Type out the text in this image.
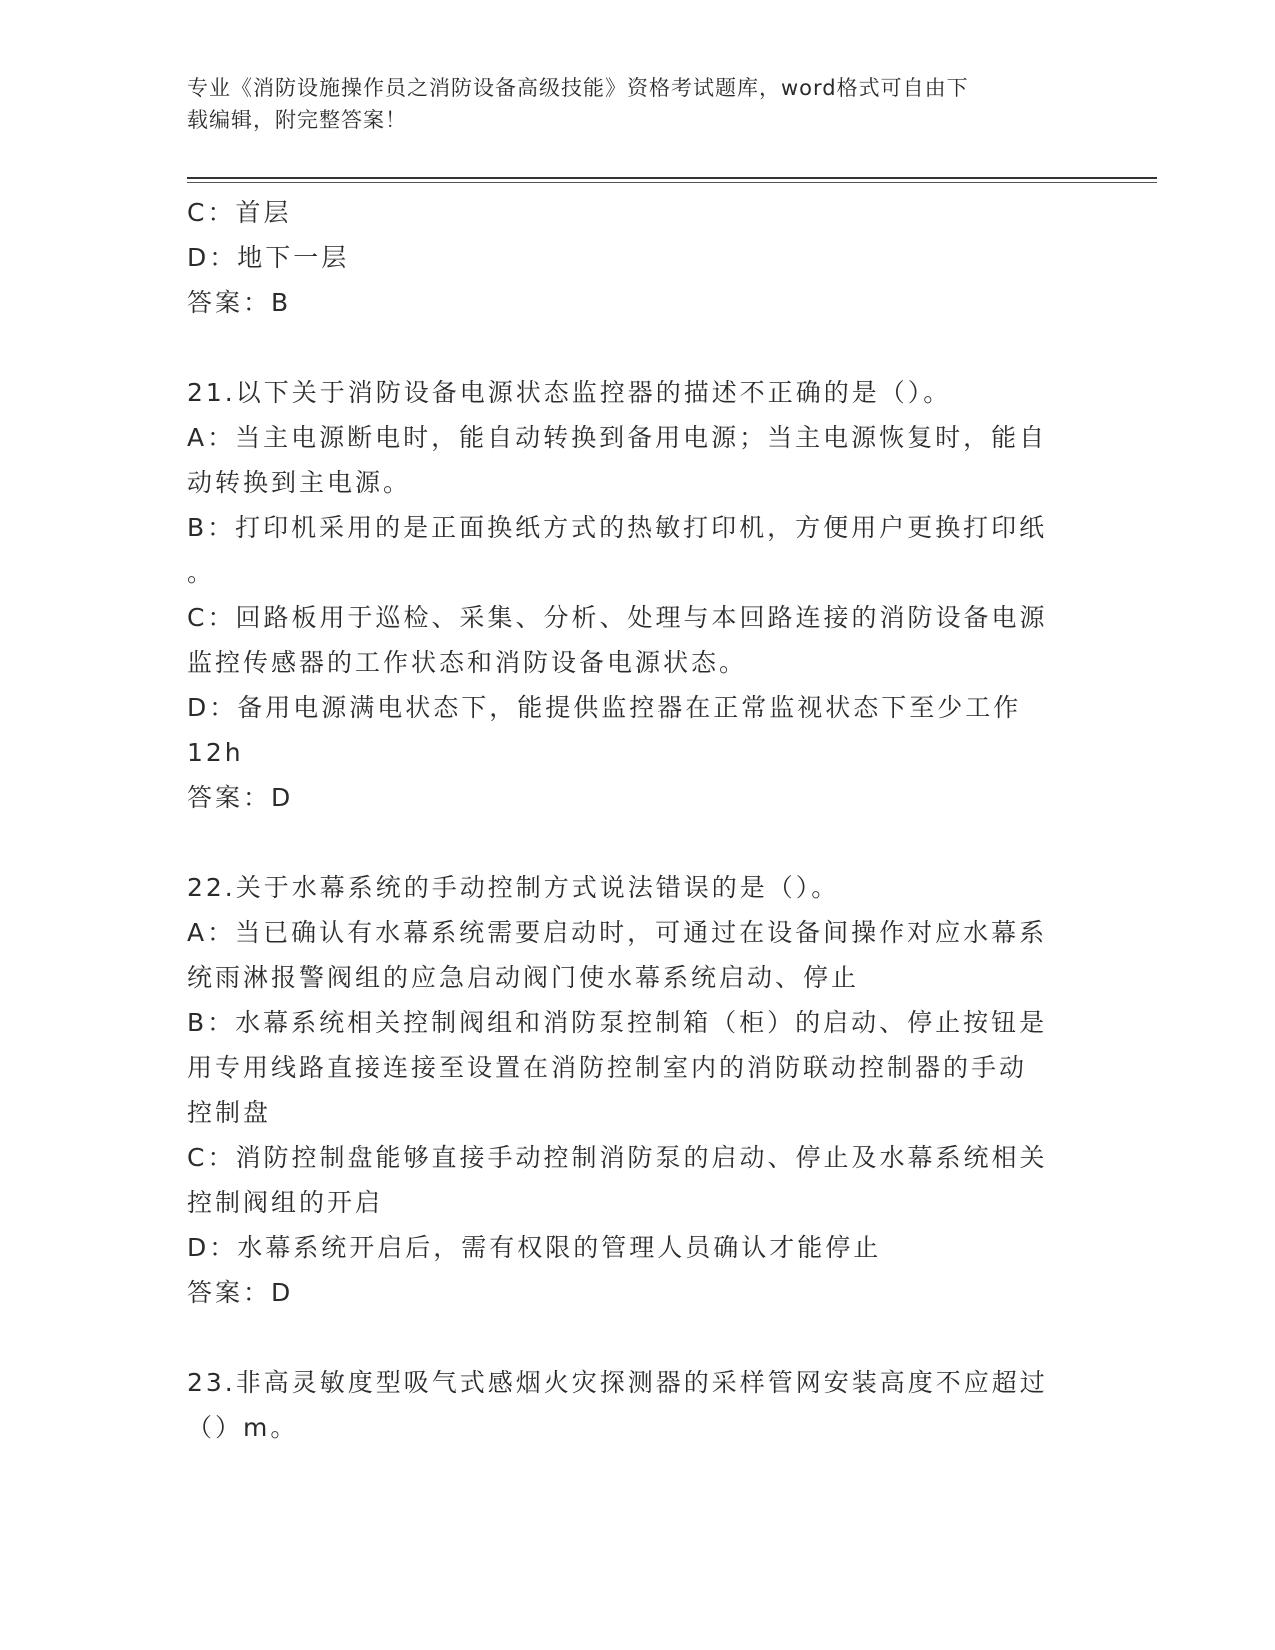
专业《消防设施操作员之消防设备高级技能》资格考试题库，word格式可自由下
载编辑，附完整答案！
C：首层
D：地下一层
答案：B
21.以下关于消防设备电源状态监控器的描述不正确的是（）。
A：当主电源断电时，能自动转换到备用电源；当主电源恢复时，能自
动转换到主电源。
B：打印机采用的是正面换纸方式的热敏打印机，方便用户更换打印纸
。
C：回路板用于巡检、采集、分析、处理与本回路连接的消防设备电源
监控传感器的工作状态和消防设备电源状态。
D：备用电源满电状态下，能提供监控器在正常监视状态下至少工作
12h
答案：D
22.关于水幕系统的手动控制方式说法错误的是（）。
A：当已确认有水幕系统需要启动时，可通过在设备间操作对应水幕系
统雨淋报警阀组的应急启动阀门使水幕系统启动、停止
B：水幕系统相关控制阀组和消防泵控制箱（柜）的启动、停止按钮是
用专用线路直接连接至设置在消防控制室内的消防联动控制器的手动
控制盘
C：消防控制盘能够直接手动控制消防泵的启动、停止及水幕系统相关
控制阀组的开启
D：水幕系统开启后，需有权限的管理人员确认才能停止
答案：D
23.非高灵敏度型吸气式感烟火灾探测器的采样管网安装高度不应超过
（）m。
